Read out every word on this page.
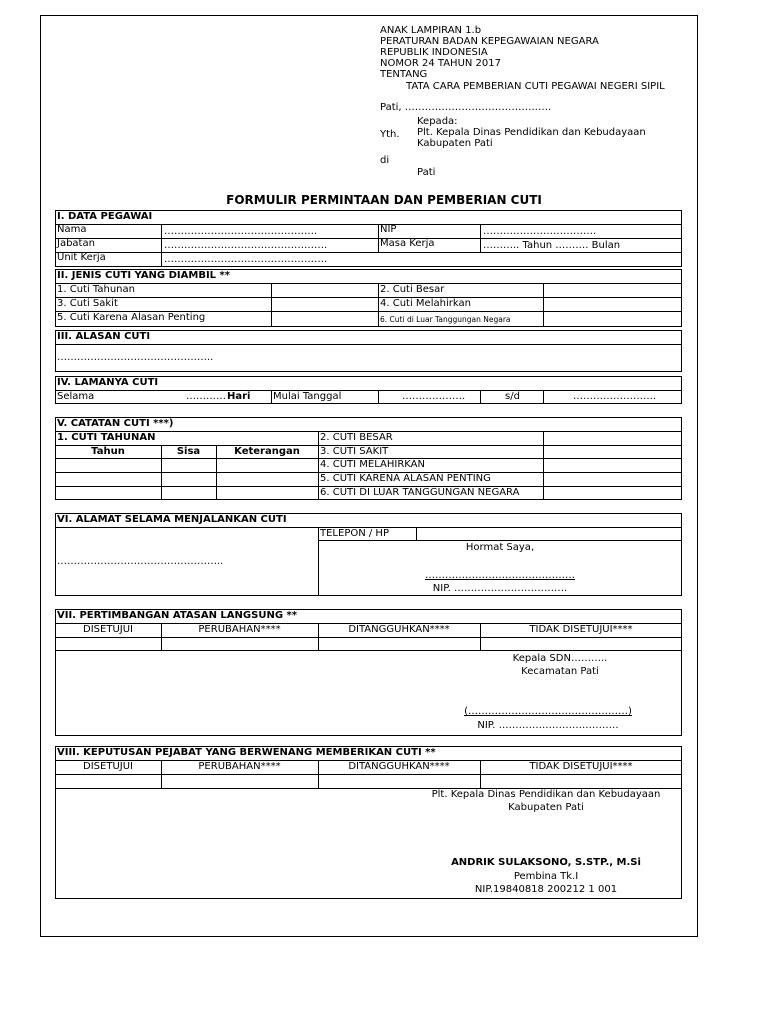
ANAK LAMPIRAN 1.b
PERATURAN BADAN KEPEGAWAIAN NEGARA
REPUBLIK INDONESIA
NOMOR 24 TAHUN 2017
TENTANG
TATA CARA PEMBERIAN CUTI PEGAWAI NEGERI SIPIL
Pati, ………………………………….….
Kepada:
Yth. Plt. Kepala Dinas Pendidikan dan Kebudayaan
Kabupaten Pati
di
Pati
FORMULIR PERMINTAAN DAN PEMBERIAN CUTI
I. DATA PEGAWAI
Nama	……………………………………….	NIP	…………………………….
Jabatan	………………………………………….	Masa Kerja	……….. Tahun ………. Bulan
Unit Kerja	………………………………………….
II. JENIS CUTI YANG DIAMBIL **
1. Cuti Tahunan	2. Cuti Besar
3. Cuti Sakit	4. Cuti Melahirkan
5. Cuti Karena Alasan Penting	6. Cuti di Luar Tanggungan Negara
III. ALASAN CUTI
………………………………………..
IV. LAMANYA CUTI
Selama	………… Hari Mulai Tanggal	……………….	s/d	…………………….
V. CATATAN CUTI ***)
1. CUTI TAHUNAN
Tahun	Sisa	Keterangan
2. CUTI BESAR
3. CUTI SAKIT
4. CUTI MELAHIRKAN
5. CUTI KARENA ALASAN PENTING
6. CUTI DI LUAR TANGGUNGAN NEGARA
VI. ALAMAT SELAMA MENJALANKAN CUTI
TELEPON / HP
…………………………………………..
Hormat Saya,
………………………………………
NIP. …………………………….
VII. PERTIMBANGAN ATASAN LANGSUNG **
DISETUJUI	PERUBAHAN****	DITANGGUHKAN****	TIDAK DISETUJUI****
Kepala SDN………..
Kecamatan Pati
(…………………………………………)
NIP. ………………………………
VIII. KEPUTUSAN PEJABAT YANG BERWENANG MEMBERIKAN CUTI **
DISETUJUI	PERUBAHAN****	DITANGGUHKAN****	TIDAK DISETUJUI****
Plt. Kepala Dinas Pendidikan dan Kebudayaan
Kabupaten Pati
ANDRIK SULAKSONO, S.STP., M.Si
Pembina Tk.I
NIP.19840818 200212 1 001
